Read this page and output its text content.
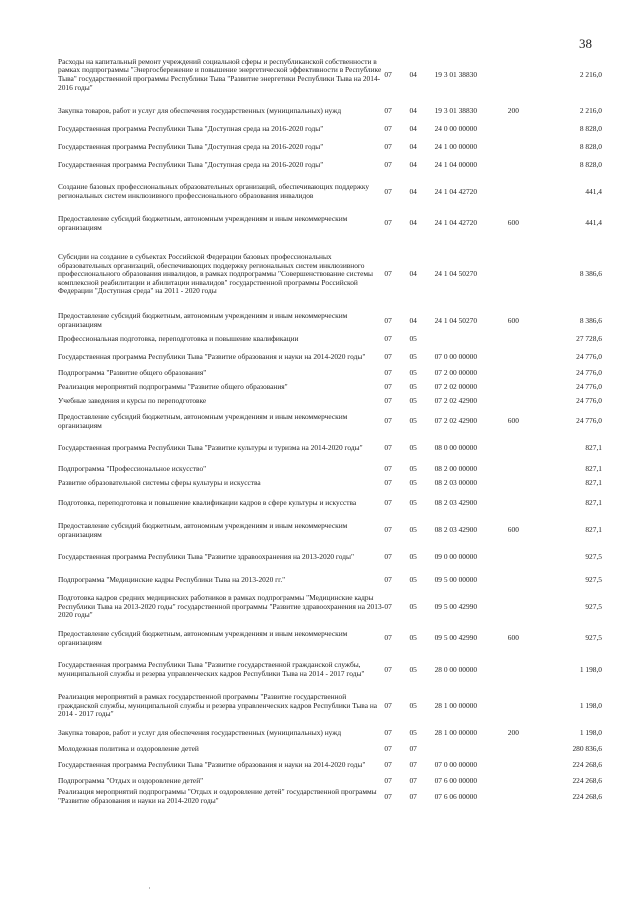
38
Расходы на капитальный ремонт учреждений социальной сферы и республиканской собственности в рамках подпрограммы "Энергосбережение и повышение энергетической эффективности в Республике Тыва" государственной программы Республики Тыва "Развитие энергетики Республики Тыва на 2014-2016 годы"	07	04	19 3 01 38830		2 216,0
Закупка товаров, работ и услуг для обеспечения государственных (муниципальных) нужд	07	04	19 3 01 38830	200	2 216,0
Государственная программа Республики Тыва "Доступная среда на 2016-2020 годы"	07	04	24 0 00 00000		8 828,0
Государственная программа Республики Тыва "Доступная среда на 2016-2020 годы"	07	04	24 1 00 00000		8 828,0
Государственная программа Республики Тыва "Доступная среда на 2016-2020 годы"	07	04	24 1 04 00000		8 828,0
Создание базовых профессиональных образовательных организаций, обеспечивающих поддержку региональных систем инклюзивного профессионального образования инвалидов	07	04	24 1 04 42720		441,4
Предоставление субсидий бюджетным, автономным учреждениям и иным некоммерческим организациям	07	04	24 1 04 42720	600	441,4
Субсидии на создание в субъектах Российской Федерации базовых профессиональных образовательных организаций, обеспечивающих поддержку региональных систем инклюзивного профессионального образования инвалидов, в рамках подпрограммы "Совершенствование системы комплексной реабилитации и абилитации инвалидов" государственной программы Российской Федерации "Доступная среда" на 2011 - 2020 годы	07	04	24 1 04 50270		8 386,6
Предоставление субсидий бюджетным, автономным учреждениям и иным некоммерческим организациям	07	04	24 1 04 50270	600	8 386,6
Профессиональная подготовка, переподготовка и повышение квалификации	07	05			27 728,6
Государственная программа Республики Тыва "Развитие образования и науки на 2014-2020 годы"	07	05	07 0 00 00000		24 776,0
Подпрограмма "Развитие общего образования"	07	05	07 2 00 00000		24 776,0
Реализация мероприятий подпрограммы "Развитие общего образования"	07	05	07 2 02 00000		24 776,0
Учебные заведения и курсы по переподготовке	07	05	07 2 02 42900		24 776,0
Предоставление субсидий бюджетным, автономным учреждениям и иным некоммерческим организациям	07	05	07 2 02 42900	600	24 776,0
Государственная программа Республики Тыва "Развитие культуры и туризма на 2014-2020 годы"	07	05	08 0 00 00000		827,1
Подпрограмма "Профессиональное искусство"	07	05	08 2 00 00000		827,1
Развитие образовательной системы сферы культуры и искусства	07	05	08 2 03 00000		827,1
Подготовка, переподготовка и повышение квалификации кадров в сфере культуры и искусства	07	05	08 2 03 42900		827,1
Предоставление субсидий бюджетным, автономным учреждениям и иным некоммерческим организациям	07	05	08 2 03 42900	600	827,1
Государственная программа Республики Тыва "Развитие здравоохранения на 2013-2020 годы"	07	05	09 0 00 00000		927,5
Подпрограмма "Медицинские кадры Республики Тыва на 2013-2020 гг."	07	05	09 5 00 00000		927,5
Подготовка кадров средних медицинских работников в рамках подпрограммы "Медицинские кадры Республики Тыва на 2013-2020 годы" государственной программы "Развитие здравоохранения на 2013-2020 годы"	07	05	09 5 00 42990		927,5
Предоставление субсидий бюджетным, автономным учреждениям и иным некоммерческим организациям	07	05	09 5 00 42990	600	927,5
Государственная программа Республики Тыва "Развитие государственной гражданской службы, муниципальной службы и резерва управленческих кадров Республики Тыва на 2014 - 2017 годы"	07	05	28 0 00 00000		1 198,0
Реализация мероприятий в рамках государственной программы "Развитие государственной гражданской службы, муниципальной службы и резерва управленческих кадров Республики Тыва на 2014 - 2017 годы"	07	05	28 1 00 00000		1 198,0
Закупка товаров, работ и услуг для обеспечения государственных (муниципальных) нужд	07	05	28 1 00 00000	200	1 198,0
Молодежная политика и оздоровление детей	07	07			280 836,6
Государственная программа Республики Тыва "Развитие образования и науки на 2014-2020 годы"	07	07	07 0 00 00000		224 268,6
Подпрограмма "Отдых и оздоровление детей"	07	07	07 6 00 00000		224 268,6
Реализация мероприятий подпрограммы "Отдых и оздоровление детей" государственной программы "Развитие образования и науки на 2014-2020 годы"	07	07	07 6 06 00000		224 268,6
